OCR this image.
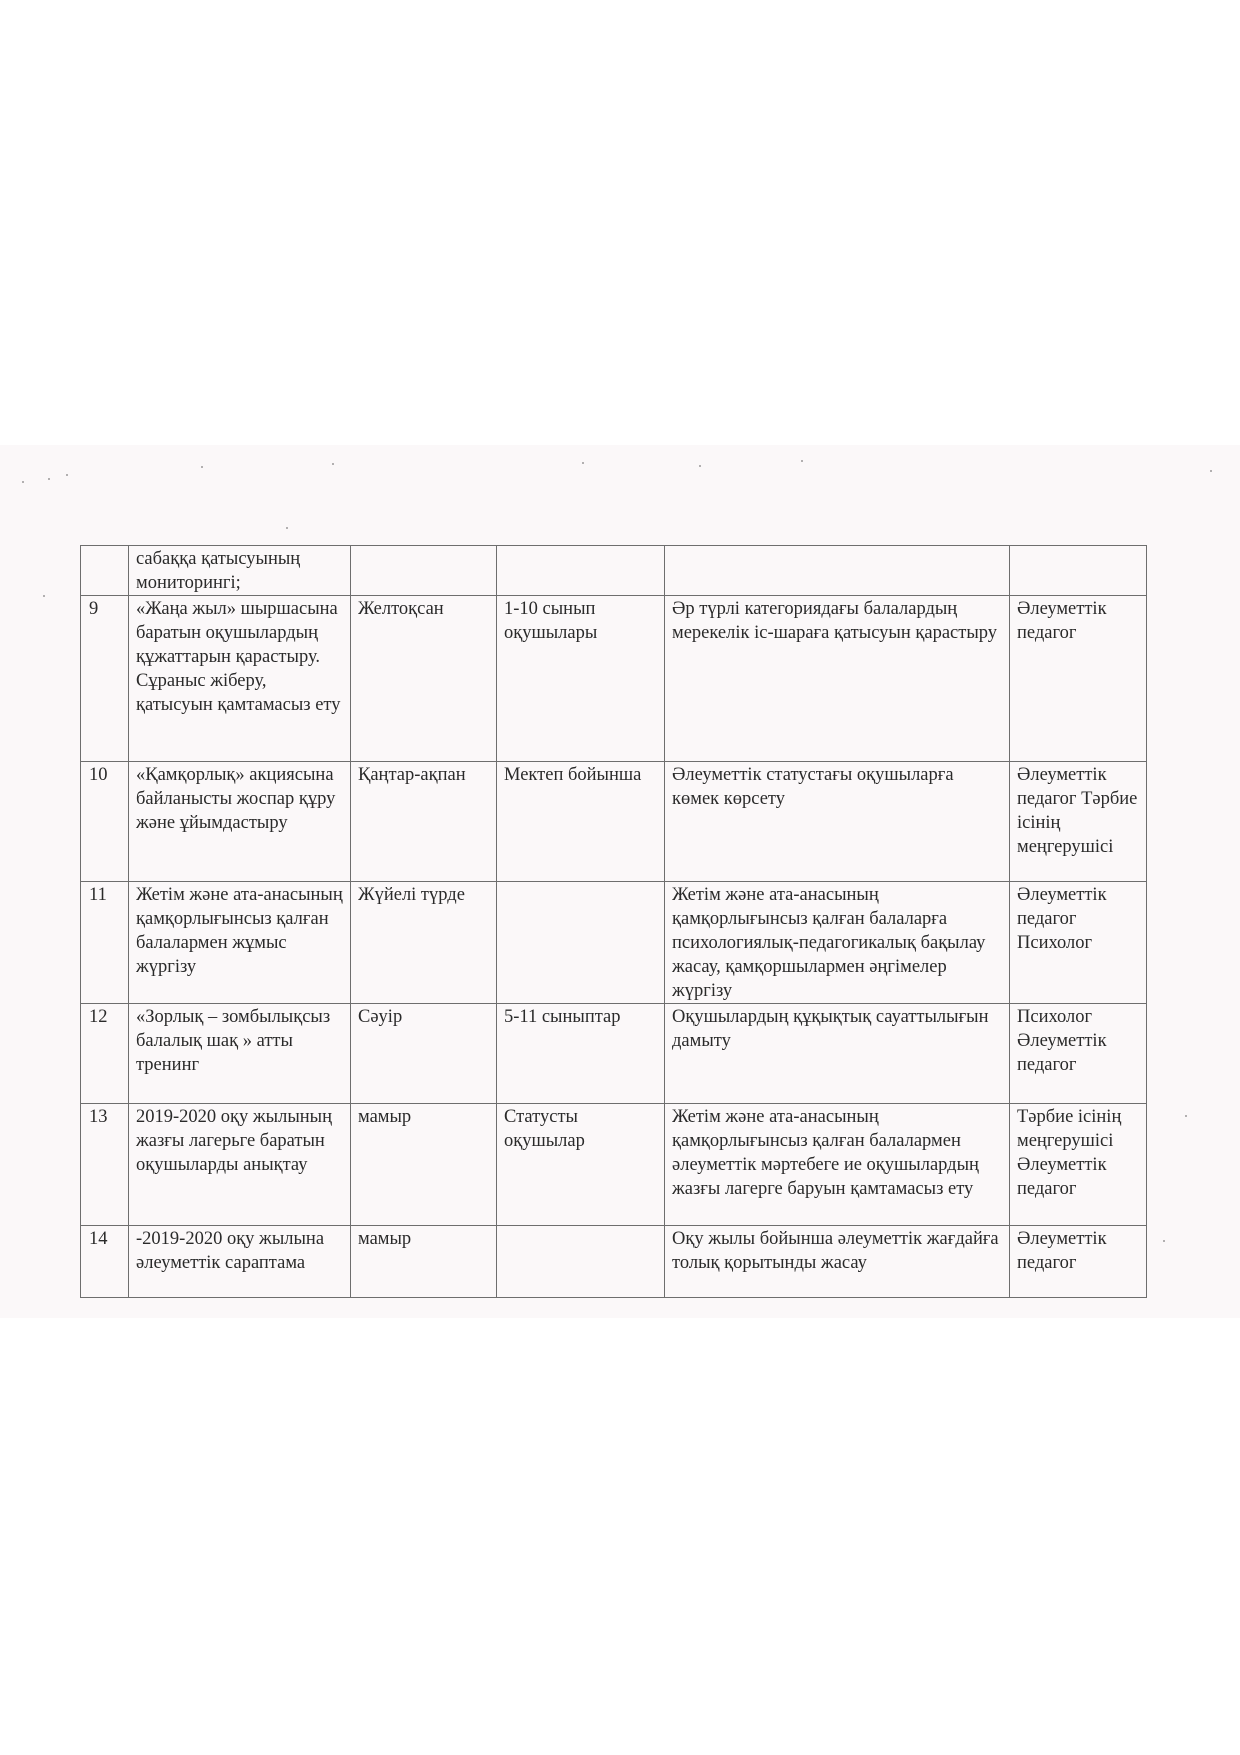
	сабаққа қатысуының мониторингі;				
9	«Жаңа жыл» шыршасына баратын оқушылардың құжаттарын қарастыру. Сұраныс жіберу, қатысуын қамтамасыз ету	Желтоқсан	1-10 сынып оқушылары	Әр түрлі категориядағы балалардың мерекелік іс-шараға қатысуын қарастыру	Әлеуметтік педагог
10	«Қамқорлық» акциясына байланысты жоспар құру және ұйымдастыру	Қаңтар-ақпан	Мектеп бойынша	Әлеуметтік статустағы оқушыларға көмек көрсету	Әлеуметтік педагог Тәрбие ісінің меңгерушісі
11	Жетім және ата-анасының қамқорлығынсыз қалған балалармен жұмыс жүргізу	Жүйелі түрде		Жетім және ата-анасының қамқорлығынсыз қалған балаларға психологиялық-педагогикалық бақылау жасау, қамқоршылармен әңгімелер жүргізу	Әлеуметтік педагог Психолог
12	«Зорлық – зомбылықсыз балалық шақ » атты тренинг	Сәуір	5-11 сыныптар	Оқушылардың құқықтық сауаттылығын дамыту	Психолог Әлеуметтік педагог
13	2019-2020 оқу жылының жазғы лагерьге баратын оқушыларды анықтау	мамыр	Статусты оқушылар	Жетім және ата-анасының қамқорлығынсыз қалған балалармен әлеуметтік мәртебеге ие оқушылардың жазғы лагерге баруын қамтамасыз ету	Тәрбие ісінің меңгерушісі Әлеуметтік педагог
14	-2019-2020 оқу жылына әлеуметтік сараптама	мамыр		Оқу жылы бойынша әлеуметтік жағдайға толық қорытынды жасау	Әлеуметтік педагог
